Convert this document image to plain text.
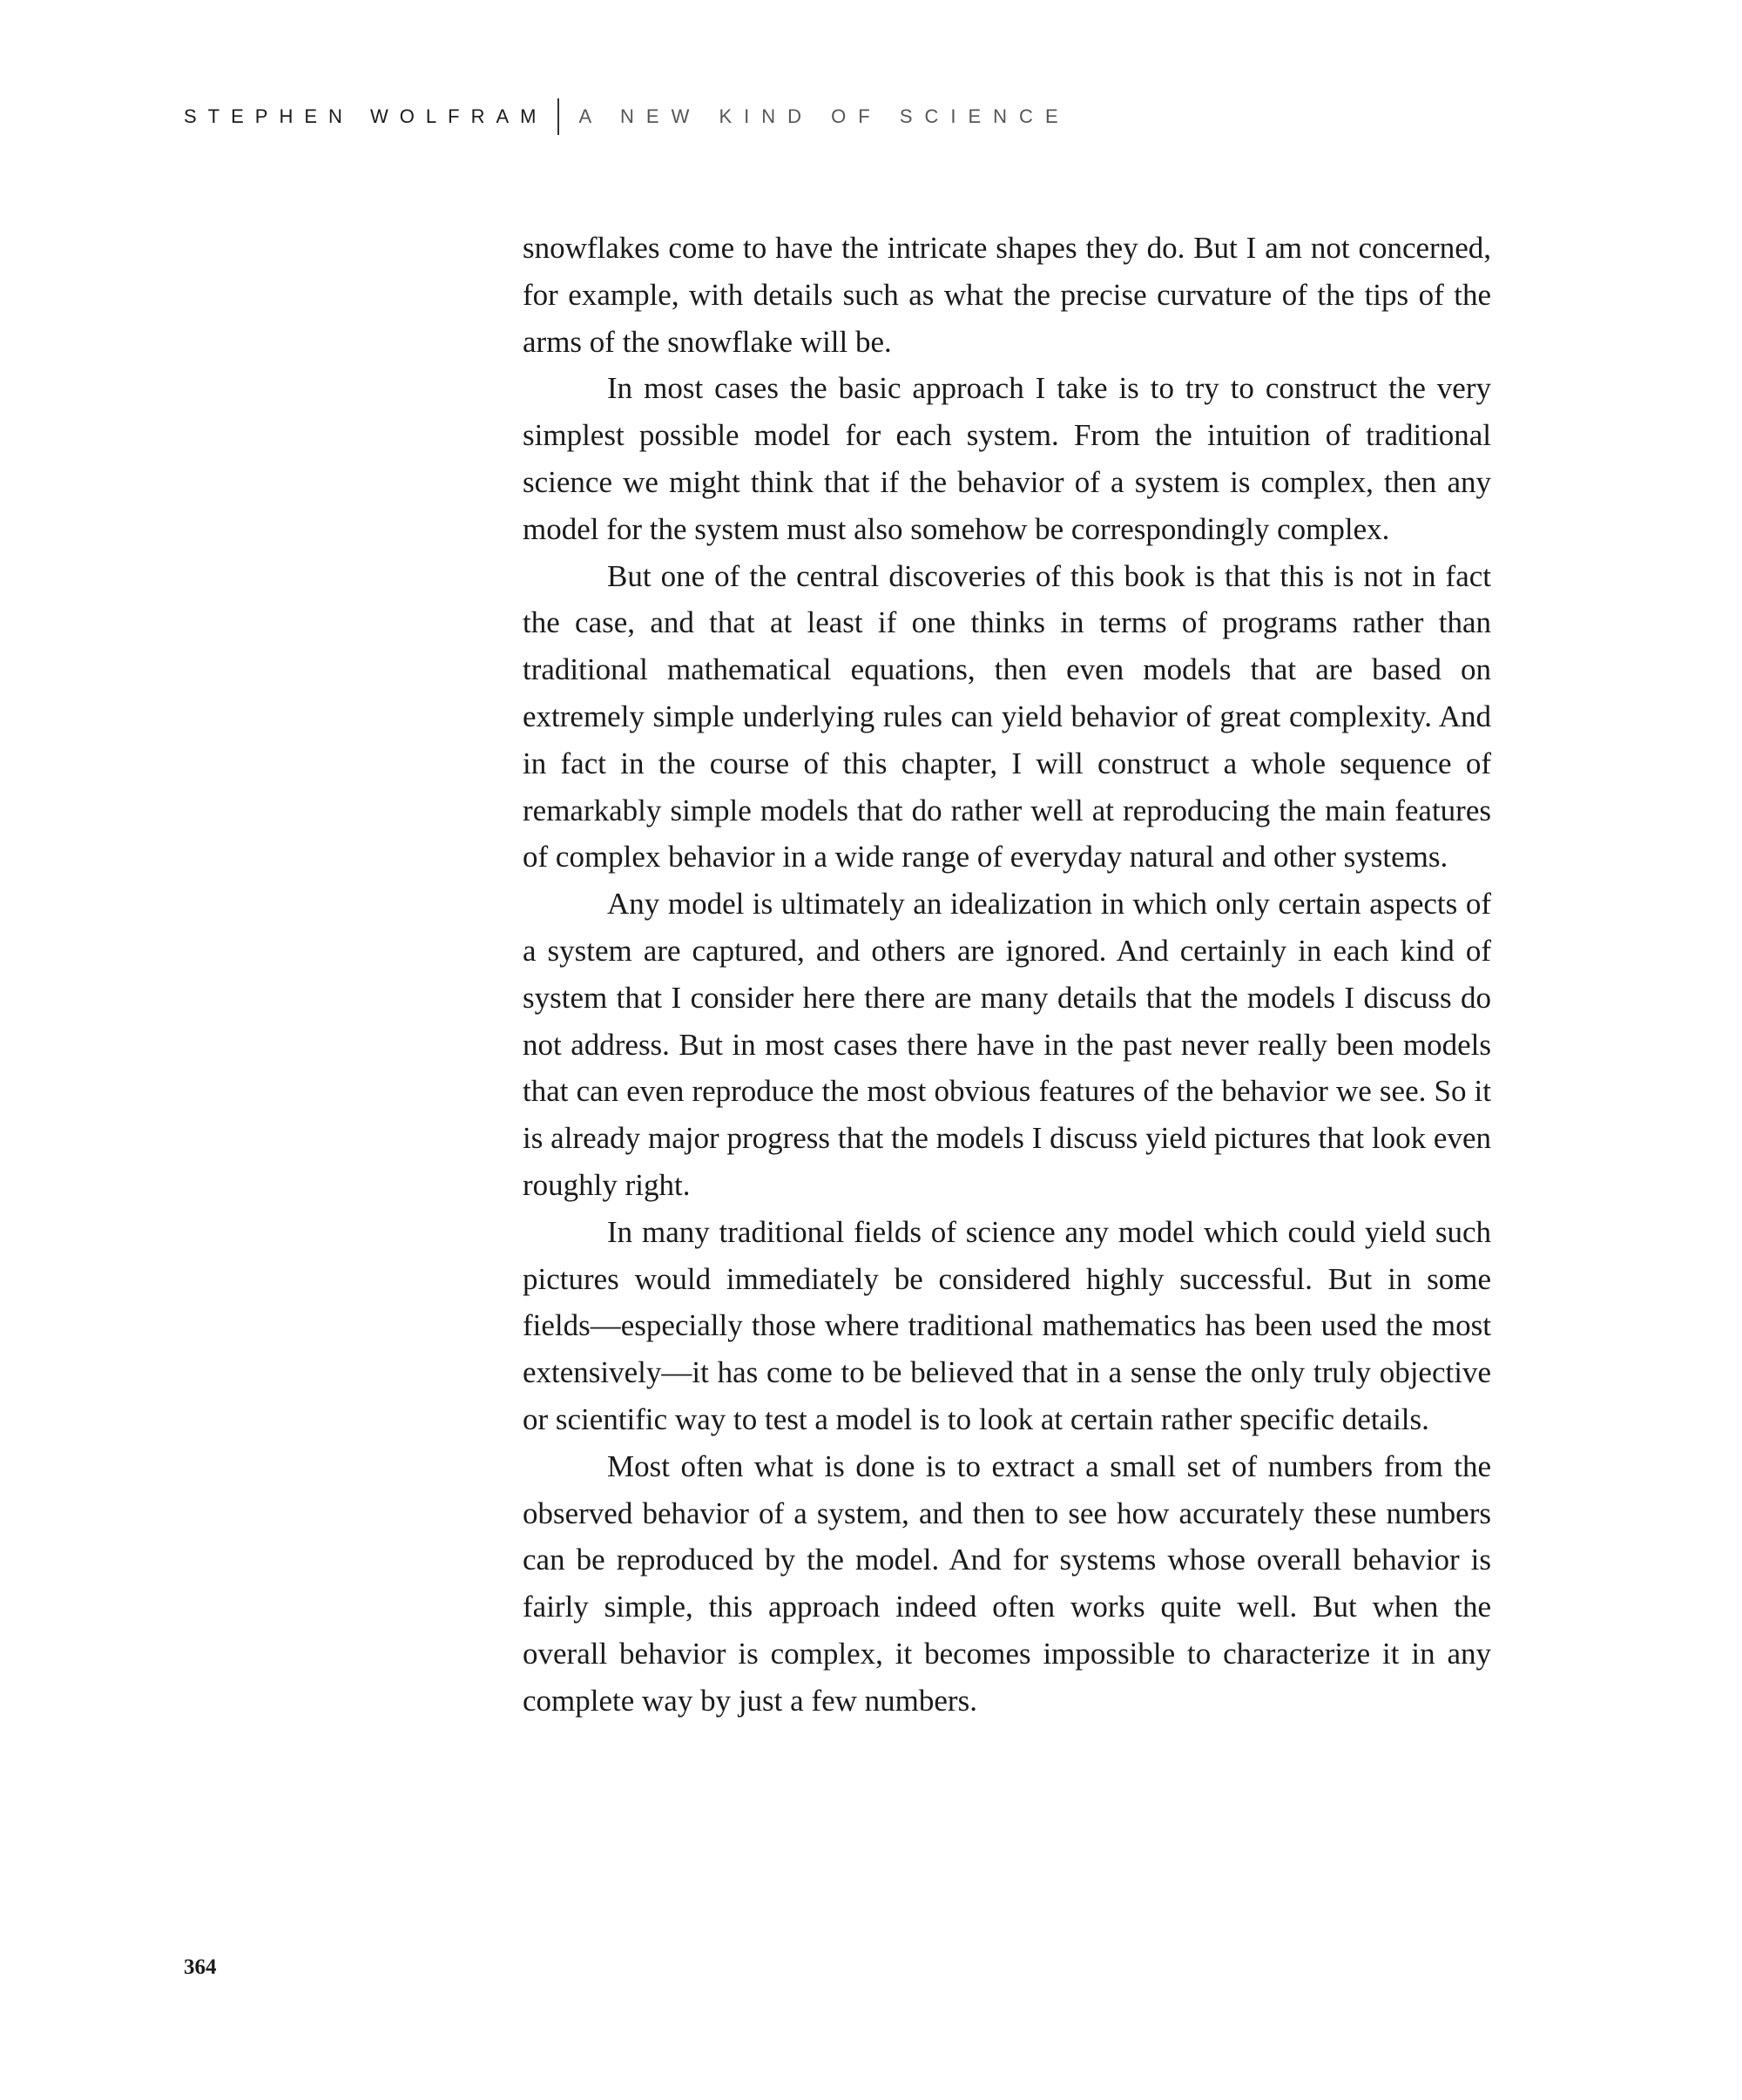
STEPHEN WOLFRAM A NEW KIND OF SCIENCE

snowflakes come to have the intricate shapes they do. But I am not concerned, for example, with details such as what the precise curvature of the tips of the arms of the snowflake will be.

In most cases the basic approach I take is to try to construct the very simplest possible model for each system. From the intuition of traditional science we might think that if the behavior of a system is complex, then any model for the system must also somehow be correspondingly complex.

But one of the central discoveries of this book is that this is not in fact the case, and that at least if one thinks in terms of programs rather than traditional mathematical equations, then even models that are based on extremely simple underlying rules can yield behavior of great complexity. And in fact in the course of this chapter, I will construct a whole sequence of remarkably simple models that do rather well at reproducing the main features of complex behavior in a wide range of everyday natural and other systems.

Any model is ultimately an idealization in which only certain aspects of a system are captured, and others are ignored. And certainly in each kind of system that I consider here there are many details that the models I discuss do not address. But in most cases there have in the past never really been models that can even reproduce the most obvious features of the behavior we see. So it is already major progress that the models I discuss yield pictures that look even roughly right.

In many traditional fields of science any model which could yield such pictures would immediately be considered highly successful. But in some fields—especially those where traditional mathematics has been used the most extensively—it has come to be believed that in a sense the only truly objective or scientific way to test a model is to look at certain rather specific details.

Most often what is done is to extract a small set of numbers from the observed behavior of a system, and then to see how accurately these numbers can be reproduced by the model. And for systems whose overall behavior is fairly simple, this approach indeed often works quite well. But when the overall behavior is complex, it becomes impossible to characterize it in any complete way by just a few numbers.

364
